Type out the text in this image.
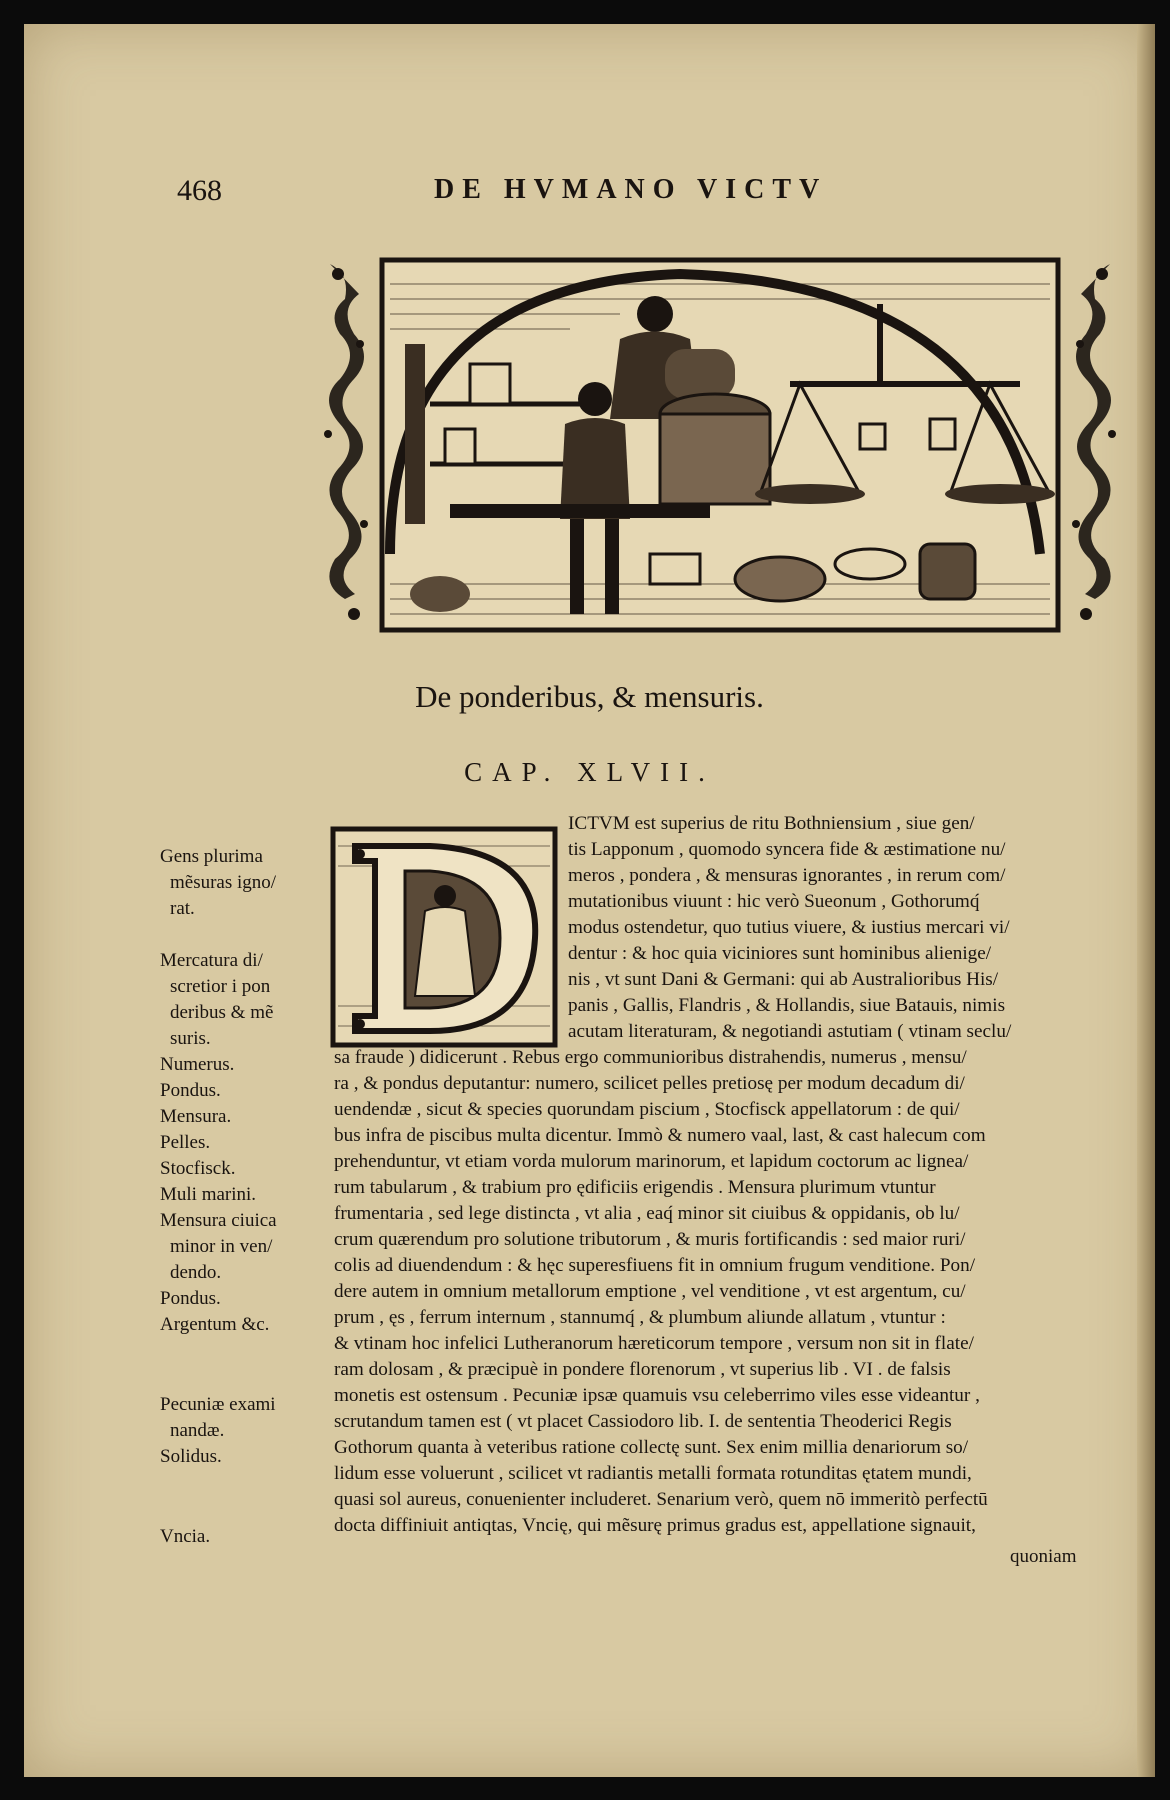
468	DE HVMANO VICTV
De ponderibus, & mensuris.
CAP. XLVII.
Gens plurima
mẽsuras igno/
rat.
Mercatura di/
scretior i pon
deribus & mẽ
suris.
Numerus.
Pondus.
Mensura.
Pelles.
Stocfisck.
Muli marini.
Mensura ciuica
minor in ven/
dendo.
Pondus.
Argentum &c.
Pecuniæ exami
nandæ.
Solidus.
Vncia.
ICTVM est superius de ritu Bothniensium , siue gen/
tis Lapponum , quomodo syncera fide & æstimatione nu/
meros , pondera , & mensuras ignorantes , in rerum com/
mutationibus viuunt : hic verò Sueonum , Gothorumq́
modus ostendetur, quo tutius viuere, & iustius mercari vi/
dentur : & hoc quia viciniores sunt hominibus alienige/
nis , vt sunt Dani & Germani: qui ab Australioribus His/
panis , Gallis, Flandris , & Hollandis, siue Batauis, nimis
acutam literaturam, & negotiandi astutiam ( vtinam seclu/
sa fraude ) didicerunt . Rebus ergo communioribus distrahendis, numerus , mensu/
ra , & pondus deputantur: numero, scilicet pelles pretiosę per modum decadum di/
uendendæ , sicut & species quorundam piscium , Stocfisck appellatorum : de qui/
bus infra de piscibus multa dicentur. Immò & numero vaal, last, & cast halecum com
prehenduntur, vt etiam vorda mulorum marinorum, et lapidum coctorum ac lignea/
rum tabularum , & trabium pro ędificiis erigendis . Mensura plurimum vtuntur
frumentaria , sed lege distincta , vt alia , eaq́ minor sit ciuibus & oppidanis, ob lu/
crum quærendum pro solutione tributorum , & muris fortificandis : sed maior ruri/
colis ad diuendendum : & hęc superesfiuens fit in omnium frugum venditione. Pon/
dere autem in omnium metallorum emptione , vel venditione , vt est argentum, cu/
prum , ęs , ferrum internum , stannumq́ , & plumbum aliunde allatum , vtuntur :
& vtinam hoc infelici Lutheranorum hæreticorum tempore , versum non sit in flate/
ram dolosam , & præcipuè in pondere florenorum , vt superius lib . VI . de falsis
monetis est ostensum . Pecuniæ ipsæ quamuis vsu celeberrimo viles esse videantur ,
scrutandum tamen est ( vt placet Cassiodoro lib. I. de sententia Theoderici Regis
Gothorum quanta à veteribus ratione collectę sunt. Sex enim millia denariorum so/
lidum esse voluerunt , scilicet vt radiantis metalli formata rotunditas ętatem mundi,
quasi sol aureus, conuenienter includeret. Senarium verò, quem nō immeritò perfectū
docta diffiniuit antiqtas, Vncię, qui mẽsurę primus gradus est, appellatione signauit,
quoniam
